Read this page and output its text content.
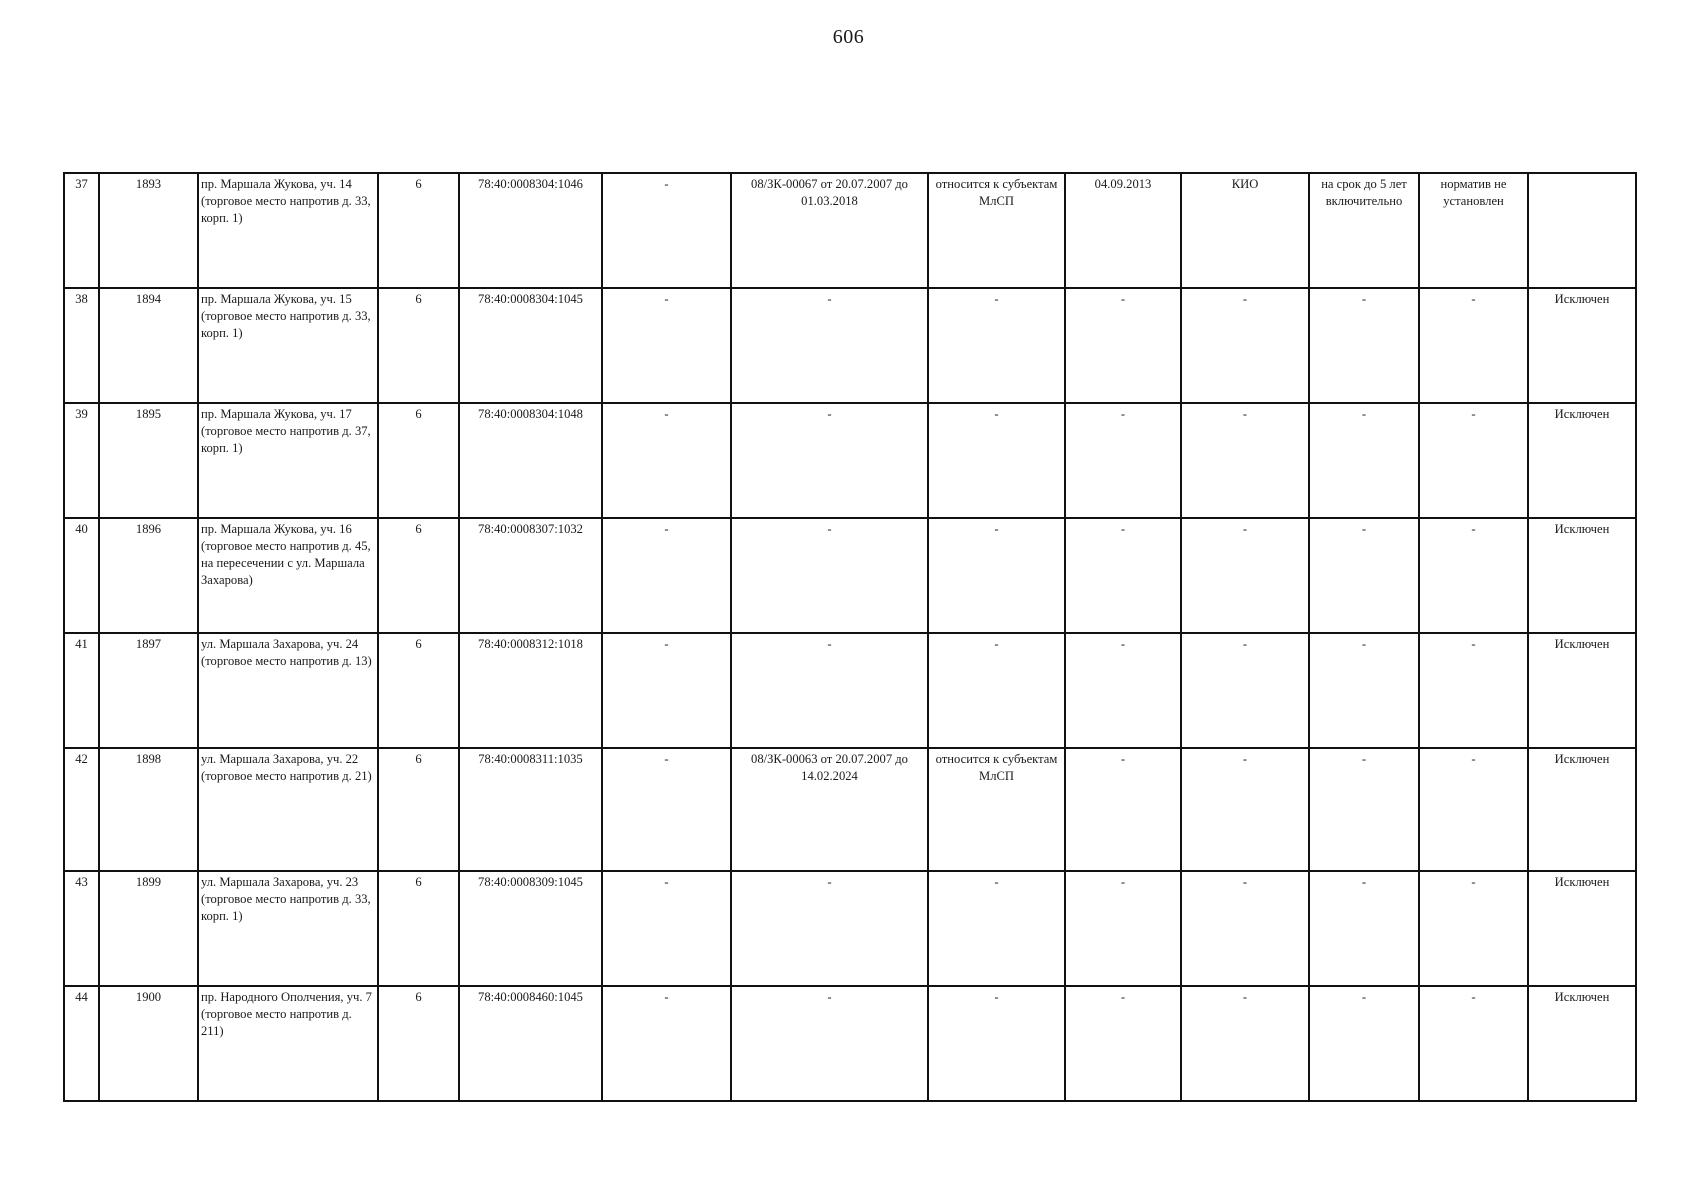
606
37	1893	пр. Маршала Жукова, уч. 14 (торговое место напротив д. 33, корп. 1)	6	78:40:0008304:1046	-	08/ЗК-00067 от 20.07.2007 до 01.03.2018	относится к субъектам МлСП	04.09.2013	КИО	на срок до 5 лет включительно	норматив не установлен	
38	1894	пр. Маршала Жукова, уч. 15 (торговое место напротив д. 33, корп. 1)	6	78:40:0008304:1045	-	-	-	-	-	-	-	Исключен
39	1895	пр. Маршала Жукова, уч. 17 (торговое место напротив д. 37, корп. 1)	6	78:40:0008304:1048	-	-	-	-	-	-	-	Исключен
40	1896	пр. Маршала Жукова, уч. 16 (торговое место напротив д. 45, на пересечении с ул. Маршала Захарова)	6	78:40:0008307:1032	-	-	-	-	-	-	-	Исключен
41	1897	ул. Маршала Захарова, уч. 24 (торговое место напротив д. 13)	6	78:40:0008312:1018	-	-	-	-	-	-	-	Исключен
42	1898	ул. Маршала Захарова, уч. 22 (торговое место напротив д. 21)	6	78:40:0008311:1035	-	08/ЗК-00063 от 20.07.2007 до 14.02.2024	относится к субъектам МлСП	-	-	-	-	Исключен
43	1899	ул. Маршала Захарова, уч. 23 (торговое место напротив д. 33, корп. 1)	6	78:40:0008309:1045	-	-	-	-	-	-	-	Исключен
44	1900	пр. Народного Ополчения, уч. 7 (торговое место напротив д. 211)	6	78:40:0008460:1045	-	-	-	-	-	-	-	Исключен
